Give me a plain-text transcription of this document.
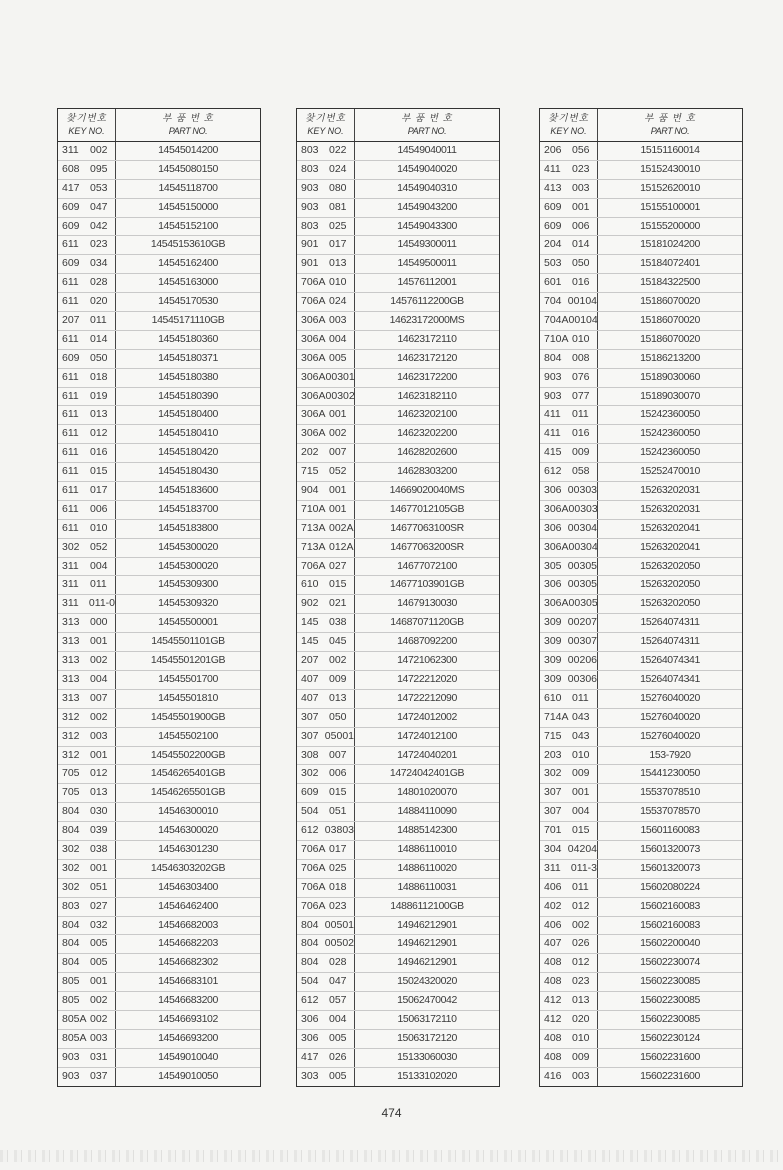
찾기번호
KEY NO.
부 품 번 호
PART NO.
311	002	14545014200
608 095	14545080150
417 053	14545118700
609 047	14545150000
609 042	14545152100
611	023	14545153610GB
609 034	14545162400
611	028	14545163000
611	020	14545170530
207 011	14545171110GB
611	014	14545180360
609 050	14545180371
611	018	14545180380
611	019	14545180390
611	013	14545180400
611	012	14545180410
611	016	14545180420
611	015	14545180430
611	017	14545183600
611	006	14545183700
611	010	14545183800
302 052	14545300020
311	004	14545300020
311	011	14545309300
311 011-0	14545309320
313 000	14545500001
313 001	14545501101GB
313 002	14545501201GB
313 004	14545501700
313 007	14545501810
312 002	14545501900GB
312 003	14545502100
312 001	14545502200GB
705 012	14546265401GB
705 013	14546265501GB
804 030	14546300010
804 039	14546300020
302 038	14546301230
302 001	14546303202GB
302 051	14546303400
803 027	14546462400
804 032	14546682003
804 005	14546682203
804 005	14546682302
805 001	14546683101
805 002	14546683200
805A 002	14546693102
805A 003	14546693200
903 031	14549010040
903 037	14549010050
찾기번호
KEY NO.
부 품 번 호
PART NO.
803 022	14549040011
803 024	14549040020
903 080	14549040310
903 081	14549043200
803 025	14549043300
901 017	14549300011
901 013	14549500011
706A 010	14576112001
706A 024	14576112200GB
306A 003	14623172000MS
306A 004	14623172110
306A 005	14623172120
306A 00301	14623172200
306A 00302	14623182110
306A 001	14623202100
306A 002	14623202200
202 007	14628202600
715 052	14628303200
904 001	14669020040MS
710A 001	14677012105GB
713A 002A	14677063100SR
713A 012A	14677063200SR
706A 027	14677072100
610 015	14677103901GB
902 021	14679130030
145 038	14687071120GB
145 045	14687092200
207 002	14721062300
407 009	14722212020
407 013	14722212090
307 050	14724012002
307 05001	14724012100
308 007	14724040201
302 006	14724042401GB
609 015	14801020070
504 051	14884110090
612 03803	14885142300
706A 017	14886110010
706A 025	14886110020
706A 018	14886110031
706A 023	14886112100GB
804 00501	14946212901
804 00502	14946212901
804 028	14946212901
504 047	15024320020
612 057	15062470042
306 004	15063172110
306 005	15063172120
417 026	15133060030
303 005	15133102020
찾기번호
KEY NO.
부 품 번 호
PART NO.
206 056	15151160014
411	023	15152430010
413 003	15152620010
609 001	15155100001
609 006	15155200000
204 014	15181024200
503 050	15184072401
601 016	15184322500
704 00104	15186070020
704A 00104	15186070020
710A 010	15186070020
804 008	15186213200
903 076	15189030060
903 077	15189030070
411	011	15242360050
411	016	15242360050
415 009	15242360050
612 058	15252470010
306 00303	15263202031
306A 00303	15263202031
306 00304	15263202041
306A 00304	15263202041
305 00305	15263202050
306 00305	15263202050
306A 00305	15263202050
309 00207	15264074311
309 00307	15264074311
309 00206	15264074341
309 00306	15264074341
610 011	15276040020
714A 043	15276040020
715 043	15276040020
203 010	153-7920
302 009	15441230050
307 001	15537078510
307 004	15537078570
701 015	15601160083
304 04204	15601320073
311 011-3	15601320073
406 011	15602080224
402 012	15602160083
406 002	15602160083
407 026	15602200040
408 012	15602230074
408 023	15602230085
412 013	15602230085
412 020	15602230085
408 010	15602230124
408 009	15602231600
416 003	15602231600
474
